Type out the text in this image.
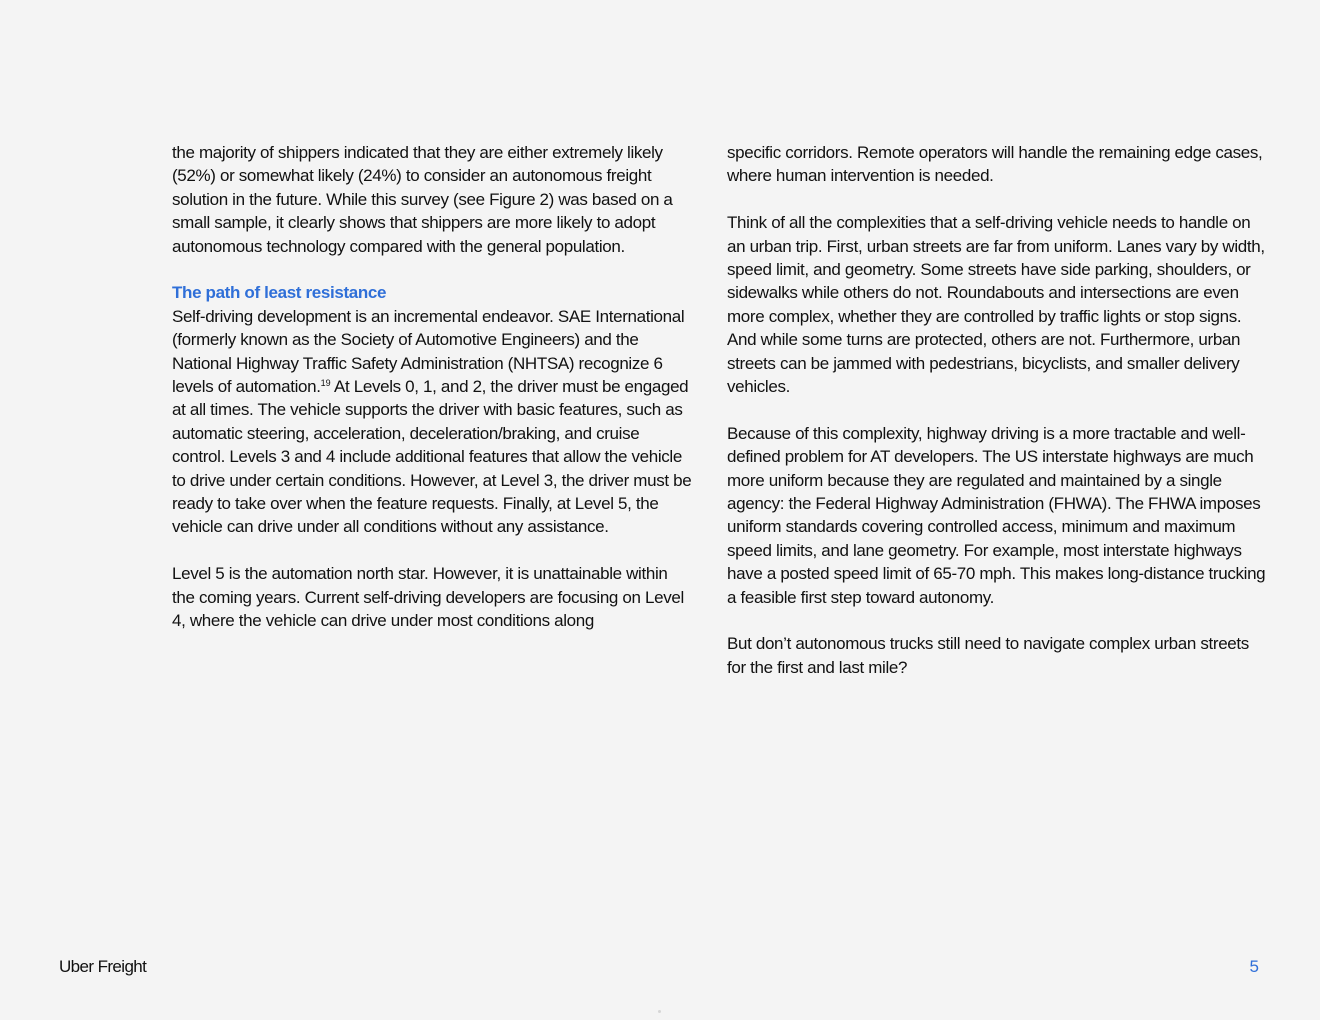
the majority of shippers indicated that they are either extremely likely (52%) or somewhat likely (24%) to consider an autonomous freight solution in the future. While this survey (see Figure 2) was based on a small sample, it clearly shows that shippers are more likely to adopt autonomous technology compared with the general population.

The path of least resistance

Self-driving development is an incremental endeavor. SAE International (formerly known as the Society of Automotive Engineers) and the National Highway Traffic Safety Administration (NHTSA) recognize 6 levels of automation.$^{19}$ At Levels 0, 1, and 2, the driver must be engaged at all times. The vehicle supports the driver with basic features, such as automatic steering, acceleration, deceleration/braking, and cruise control. Levels 3 and 4 include additional features that allow the vehicle to drive under certain conditions. However, at Level 3, the driver must be ready to take over when the feature requests. Finally, at Level 5, the vehicle can drive under all conditions without any assistance.

Level 5 is the automation north star. However, it is unattainable within the coming years. Current self-driving developers are focusing on Level 4, where the vehicle can drive under most conditions along

specific corridors. Remote operators will handle the remaining edge cases, where human intervention is needed.

Think of all the complexities that a self-driving vehicle needs to handle on an urban trip. First, urban streets are far from uniform. Lanes vary by width, speed limit, and geometry. Some streets have side parking, shoulders, or sidewalks while others do not. Roundabouts and intersections are even more complex, whether they are controlled by traffic lights or stop signs. And while some turns are protected, others are not. Furthermore, urban streets can be jammed with pedestrians, bicyclists, and smaller delivery vehicles.

Because of this complexity, highway driving is a more tractable and well-defined problem for AT developers. The US interstate highways are much more uniform because they are regulated and maintained by a single agency: the Federal Highway Administration (FHWA). The FHWA imposes uniform standards covering controlled access, minimum and maximum speed limits, and lane geometry. For example, most interstate highways have a posted speed limit of 65-70 mph. This makes long-distance trucking a feasible first step toward autonomy.

But don’t autonomous trucks still need to navigate complex urban streets for the first and last mile?

Uber Freight	5
